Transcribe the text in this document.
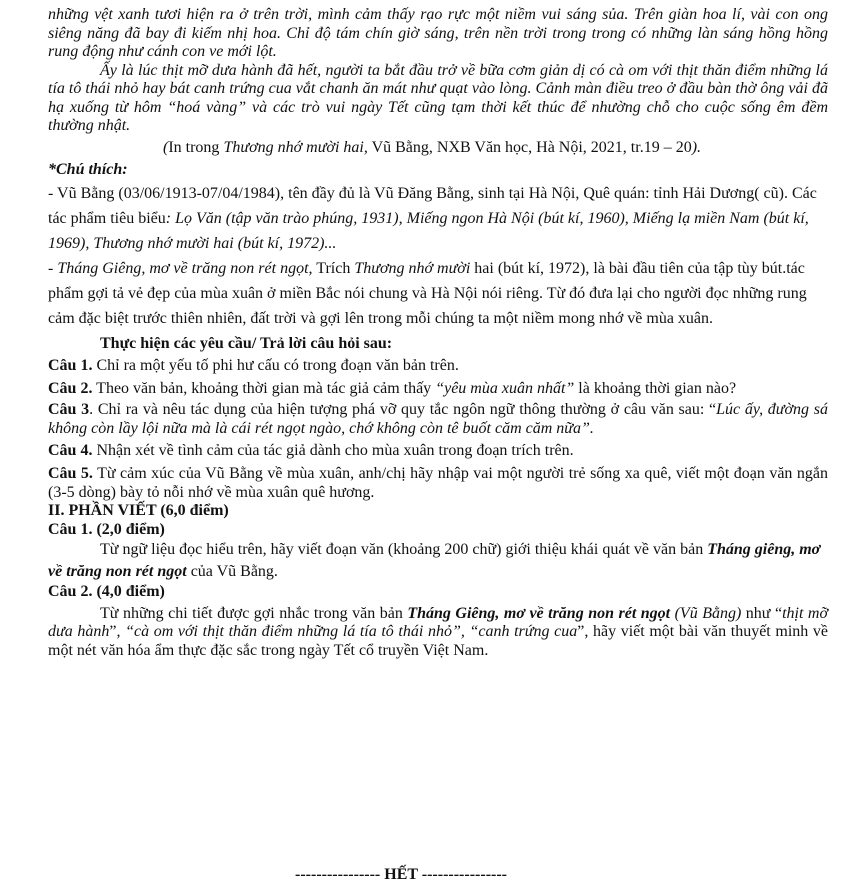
những vệt xanh tươi hiện ra ở trên trời, mình cảm thấy rạo rực một niềm vui sáng sủa. Trên giàn hoa lí, vài con ong siêng năng đã bay đi kiếm nhị hoa. Chỉ độ tám chín giờ sáng, trên nền trời trong trong có những làn sáng hồng hồng rung động như cánh con ve mới lột.

Ấy là lúc thịt mỡ dưa hành đã hết, người ta bắt đầu trở về bữa cơm giản dị có cà om với thịt thăn điểm những lá tía tô thái nhỏ hay bát canh trứng cua vắt chanh ăn mát như quạt vào lòng. Cảnh màn điều treo ở đầu bàn thờ ông vải đã hạ xuống từ hôm “hoá vàng” và các trò vui ngày Tết cũng tạm thời kết thúc để nhường chỗ cho cuộc sống êm đềm thường nhật.

(In trong Thương nhớ mười hai, Vũ Bằng, NXB Văn học, Hà Nội, 2021, tr.19 – 20).

*Chú thích:

- Vũ Bằng (03/06/1913-07/04/1984), tên đầy đủ là Vũ Đăng Bằng, sinh tại Hà Nội, Quê quán: tỉnh Hải Dương( cũ). Các tác phẩm tiêu biểu: Lọ Văn (tập văn trào phúng, 1931), Miếng ngon Hà Nội (bút kí, 1960), Miếng lạ miền Nam (bút kí, 1969), Thương nhớ mười hai (bút kí, 1972)...

- Tháng Giêng, mơ về trăng non rét ngọt, Trích Thương nhớ mười hai (bút kí, 1972), là bài đầu tiên của tập tùy bút.tác phẩm gợi tả vẻ đẹp của mùa xuân ở miền Bắc nói chung và Hà Nội nói riêng. Từ đó đưa lại cho người đọc những rung cảm đặc biệt trước thiên nhiên, đất trời và gợi lên trong mỗi chúng ta một niềm mong nhớ về mùa xuân.

Thực hiện các yêu cầu/ Trả lời câu hỏi sau:

Câu 1. Chỉ ra một yếu tố phi hư cấu có trong đoạn văn bản trên.

Câu 2. Theo văn bản, khoảng thời gian mà tác giả cảm thấy “yêu mùa xuân nhất” là khoảng thời gian nào?

Câu 3. Chỉ ra và nêu tác dụng của hiện tượng phá vỡ quy tắc ngôn ngữ thông thường ở câu văn sau: “Lúc ấy, đường sá không còn lầy lội nữa mà là cái rét ngọt ngào, chớ không còn tê buốt căm căm nữa”.

Câu 4. Nhận xét về tình cảm của tác giả dành cho mùa xuân trong đoạn trích trên.

Câu 5. Từ cảm xúc của Vũ Bằng về mùa xuân, anh/chị hãy nhập vai một người trẻ sống xa quê, viết một đoạn văn ngắn (3-5 dòng) bày tỏ nỗi nhớ về mùa xuân quê hương.

II. PHẦN VIẾT (6,0 điểm)

Câu 1. (2,0 điểm)

Từ ngữ liệu đọc hiểu trên, hãy viết đoạn văn (khoảng 200 chữ) giới thiệu khái quát về văn bản Tháng giêng, mơ về trăng non rét ngọt của Vũ Bằng.

Câu 2. (4,0 điểm)

Từ những chi tiết được gợi nhắc trong văn bản Tháng Giêng, mơ về trăng non rét ngọt (Vũ Bằng) như “thịt mỡ dưa hành”, “cà om với thịt thăn điểm những lá tía tô thái nhỏ”, “canh trứng cua”, hãy viết một bài văn thuyết minh về một nét văn hóa ẩm thực đặc sắc trong ngày Tết cổ truyền Việt Nam.

---------------- HẾT ----------------
